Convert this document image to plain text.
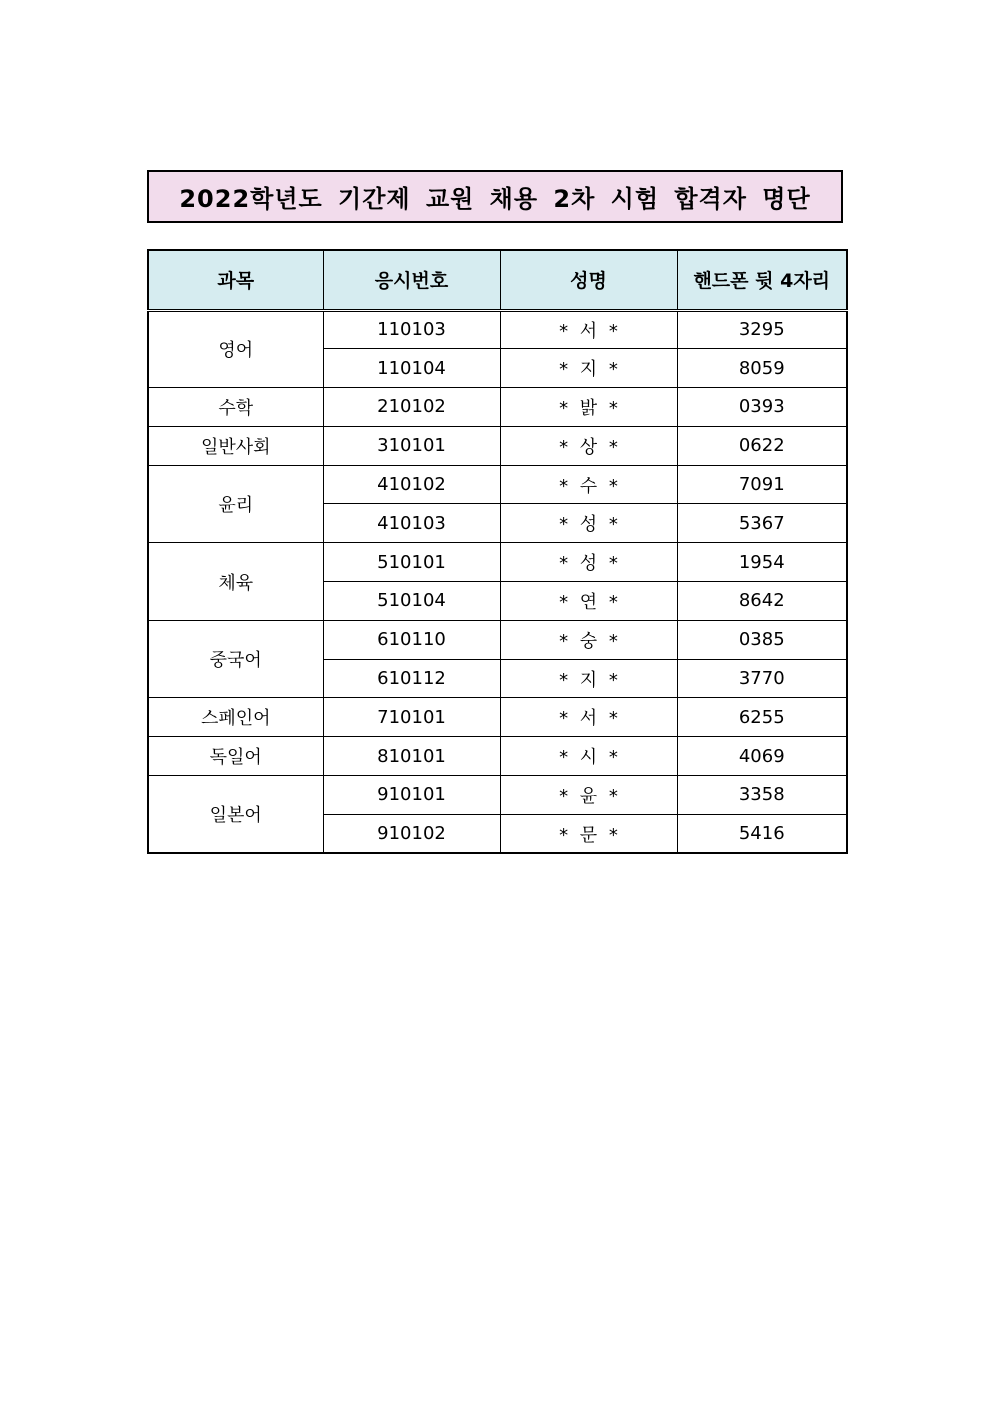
2022학년도 기간제 교원 채용 2차 시험 합격자 명단
과목	응시번호	성명	핸드폰 뒷 4자리
영어	110103	* 서 *	3295
	110104	* 지 *	8059
수학	210102	* 밝 *	0393
일반사회	310101	* 상 *	0622
윤리	410102	* 수 *	7091
	410103	* 성 *	5367
체육	510101	* 성 *	1954
	510104	* 연 *	8642
중국어	610110	* 숭 *	0385
	610112	* 지 *	3770
스페인어	710101	* 서 *	6255
독일어	810101	* 시 *	4069
일본어	910101	* 윤 *	3358
	910102	* 문 *	5416
